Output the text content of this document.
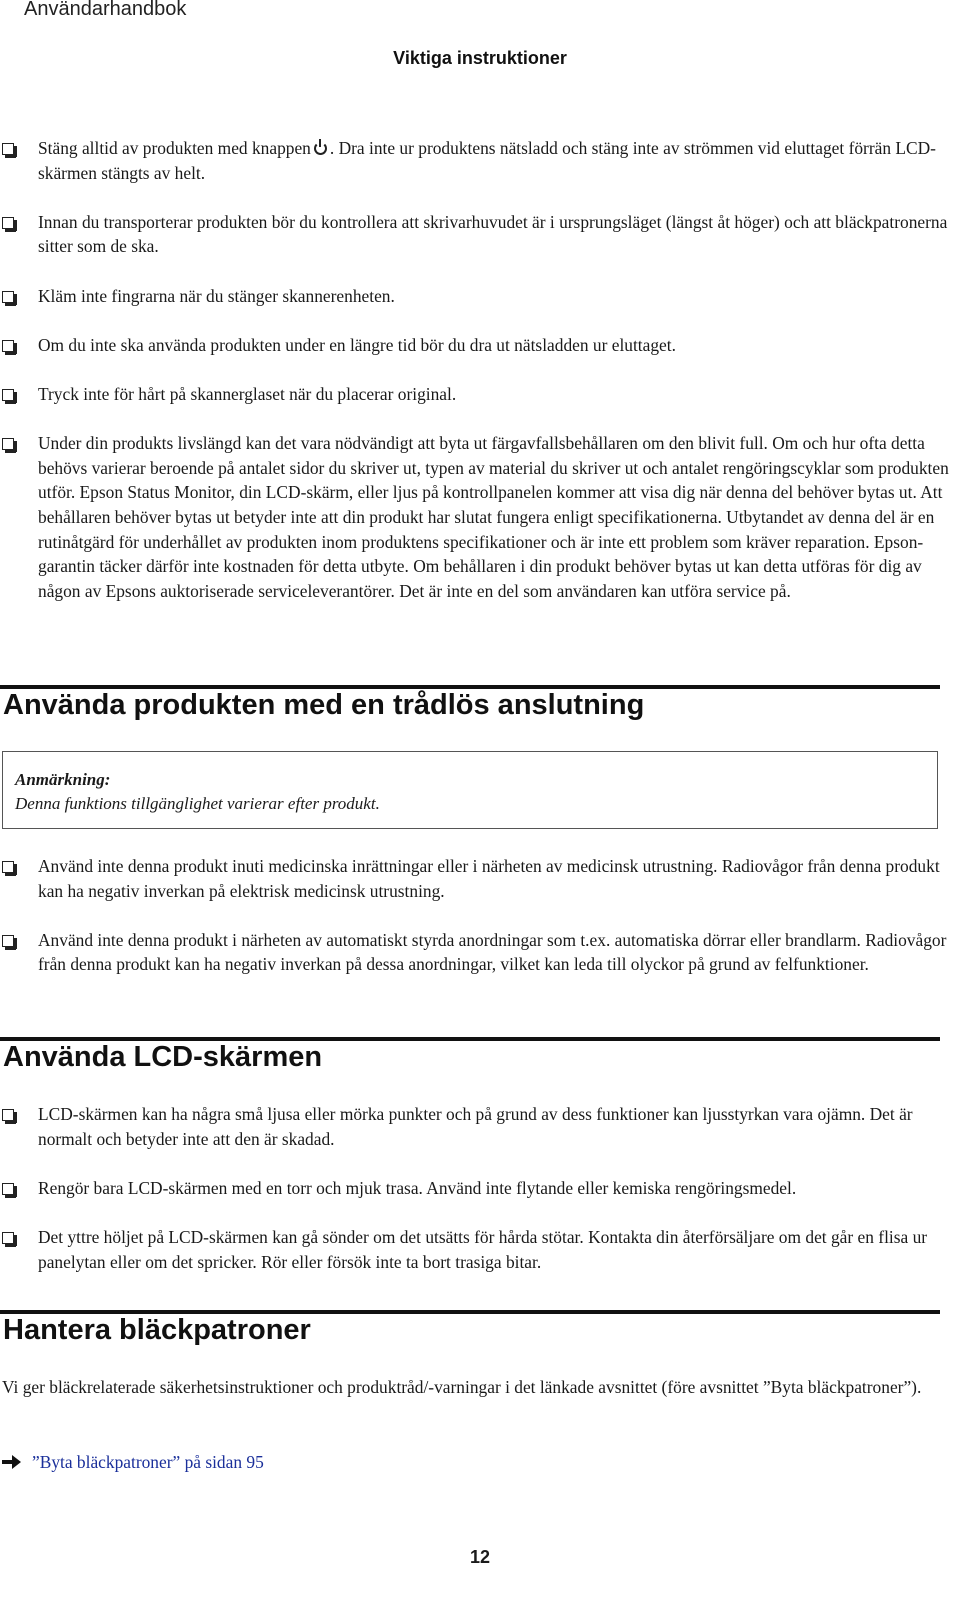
Användarhandbok
Viktiga instruktioner
Stäng alltid av produkten med knappen . Dra inte ur produktens nätsladd och stäng inte av strömmen vid eluttaget förrän LCD-skärmen stängts av helt.
Innan du transporterar produkten bör du kontrollera att skrivarhuvudet är i ursprungsläget (längst åt höger) och att bläckpatronerna sitter som de ska.
Kläm inte fingrarna när du stänger skannerenheten.
Om du inte ska använda produkten under en längre tid bör du dra ut nätsladden ur eluttaget.
Tryck inte för hårt på skannerglaset när du placerar original.
Under din produkts livslängd kan det vara nödvändigt att byta ut färgavfallsbehållaren om den blivit full. Om och hur ofta detta behövs varierar beroende på antalet sidor du skriver ut, typen av material du skriver ut och antalet rengöringscyklar som produkten utför. Epson Status Monitor, din LCD-skärm, eller ljus på kontrollpanelen kommer att visa dig när denna del behöver bytas ut. Att behållaren behöver bytas ut betyder inte att din produkt har slutat fungera enligt specifikationerna. Utbytandet av denna del är en rutinåtgärd för underhållet av produkten inom produktens specifikationer och är inte ett problem som kräver reparation. Epson-garantin täcker därför inte kostnaden för detta utbyte. Om behållaren i din produkt behöver bytas ut kan detta utföras för dig av någon av Epsons auktoriserade serviceleverantörer. Det är inte en del som användaren kan utföra service på.
Använda produkten med en trådlös anslutning
Anmärkning:
Denna funktions tillgänglighet varierar efter produkt.
Använd inte denna produkt inuti medicinska inrättningar eller i närheten av medicinsk utrustning. Radiovågor från denna produkt kan ha negativ inverkan på elektrisk medicinsk utrustning.
Använd inte denna produkt i närheten av automatiskt styrda anordningar som t.ex. automatiska dörrar eller brandlarm. Radiovågor från denna produkt kan ha negativ inverkan på dessa anordningar, vilket kan leda till olyckor på grund av felfunktioner.
Använda LCD-skärmen
LCD-skärmen kan ha några små ljusa eller mörka punkter och på grund av dess funktioner kan ljusstyrkan vara ojämn. Det är normalt och betyder inte att den är skadad.
Rengör bara LCD-skärmen med en torr och mjuk trasa. Använd inte flytande eller kemiska rengöringsmedel.
Det yttre höljet på LCD-skärmen kan gå sönder om det utsätts för hårda stötar. Kontakta din återförsäljare om det går en flisa ur panelytan eller om det spricker. Rör eller försök inte ta bort trasiga bitar.
Hantera bläckpatroner
Vi ger bläckrelaterade säkerhetsinstruktioner och produktråd/-varningar i det länkade avsnittet (före avsnittet ”Byta bläckpatroner”).
”Byta bläckpatroner” på sidan 95
12
